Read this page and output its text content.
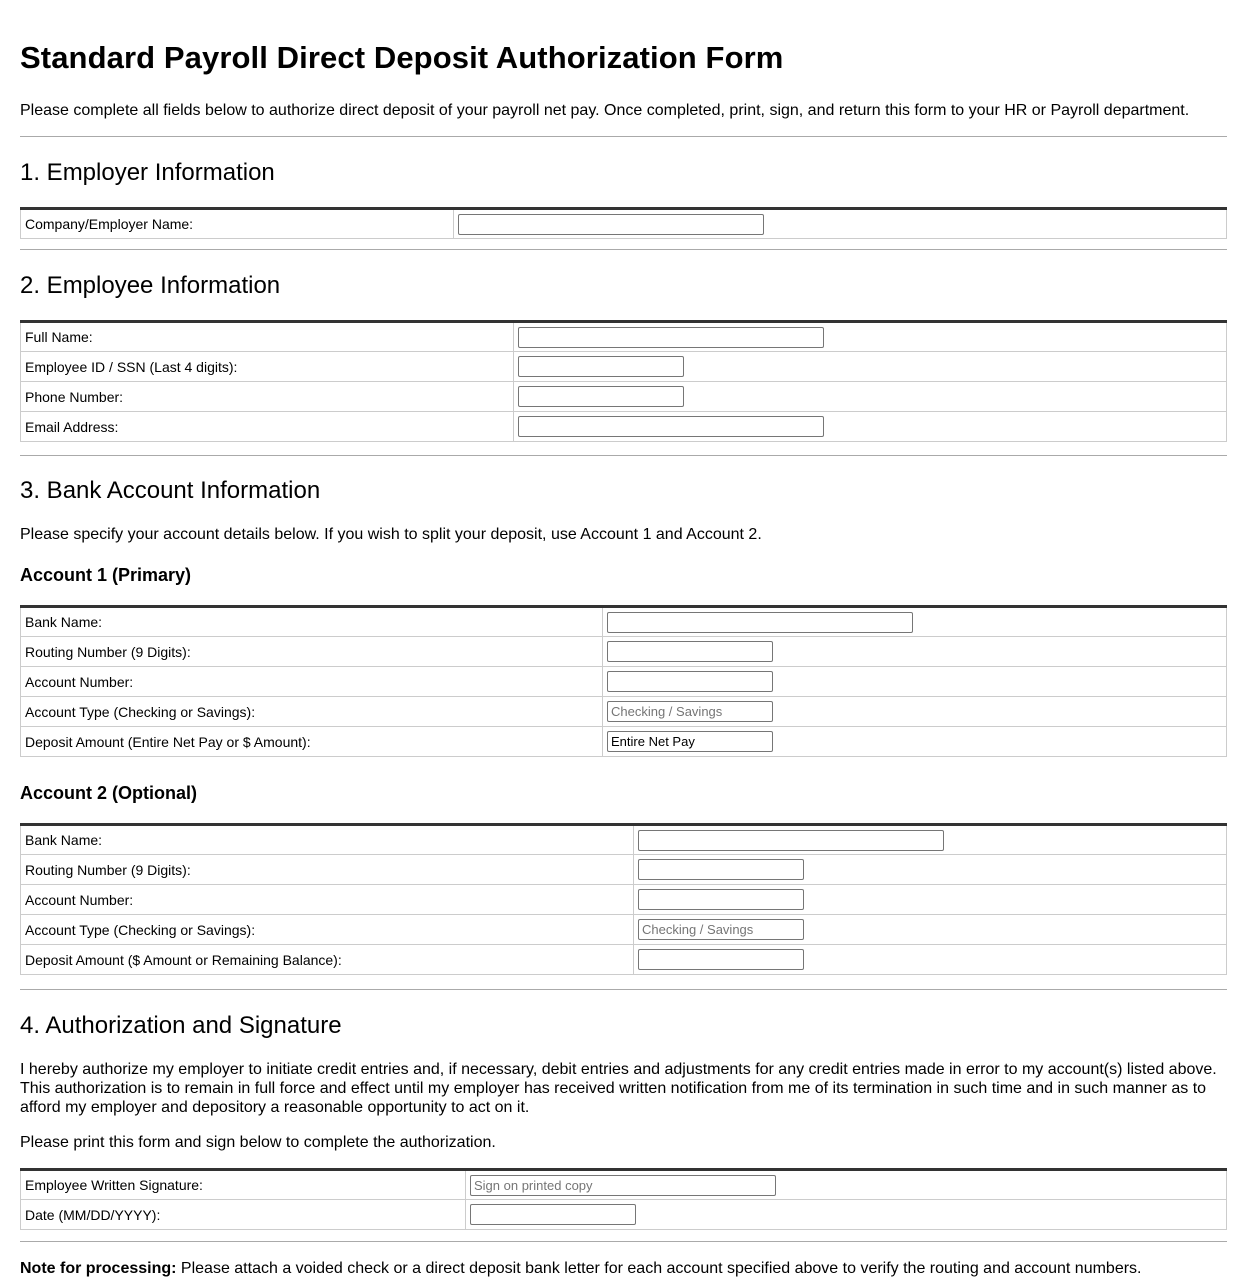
Standard Payroll Direct Deposit Authorization Form

Please complete all fields below to authorize direct deposit of your payroll net pay. Once completed, print, sign, and return this form to your HR or Payroll department.

1. Employer Information
Company/Employer Name:	
2. Employee Information
Full Name:	

Employee ID / SSN (Last 4 digits):	

Phone Number:	

Email Address:	
3. Bank Account Information

Please specify your account details below. If you wish to split your deposit, use Account 1 and Account 2.

Account 1 (Primary)
Bank Name:	

Routing Number (9 Digits):	

Account Number:	

Account Type (Checking or Savings):	
Checking / Savings
Deposit Amount (Entire Net Pay or $ Amount):	
Entire Net Pay
Account 2 (Optional)
Bank Name:	

Routing Number (9 Digits):	

Account Number:	

Account Type (Checking or Savings):	
Checking / Savings
Deposit Amount ($ Amount or Remaining Balance):	
4. Authorization and Signature

I hereby authorize my employer to initiate credit entries and, if necessary, debit entries and adjustments for any credit entries made in error to my account(s) listed above. This authorization is to remain in full force and effect until my employer has received written notification from me of its termination in such time and in such manner as to afford my employer and depository a reasonable opportunity to act on it.

Please print this form and sign below to complete the authorization.

Employee Written Signature:	
Sign on printed copy
Date (MM/DD/YYYY):	

Note for processing: Please attach a voided check or a direct deposit bank letter for each account specified above to verify the routing and account numbers.
